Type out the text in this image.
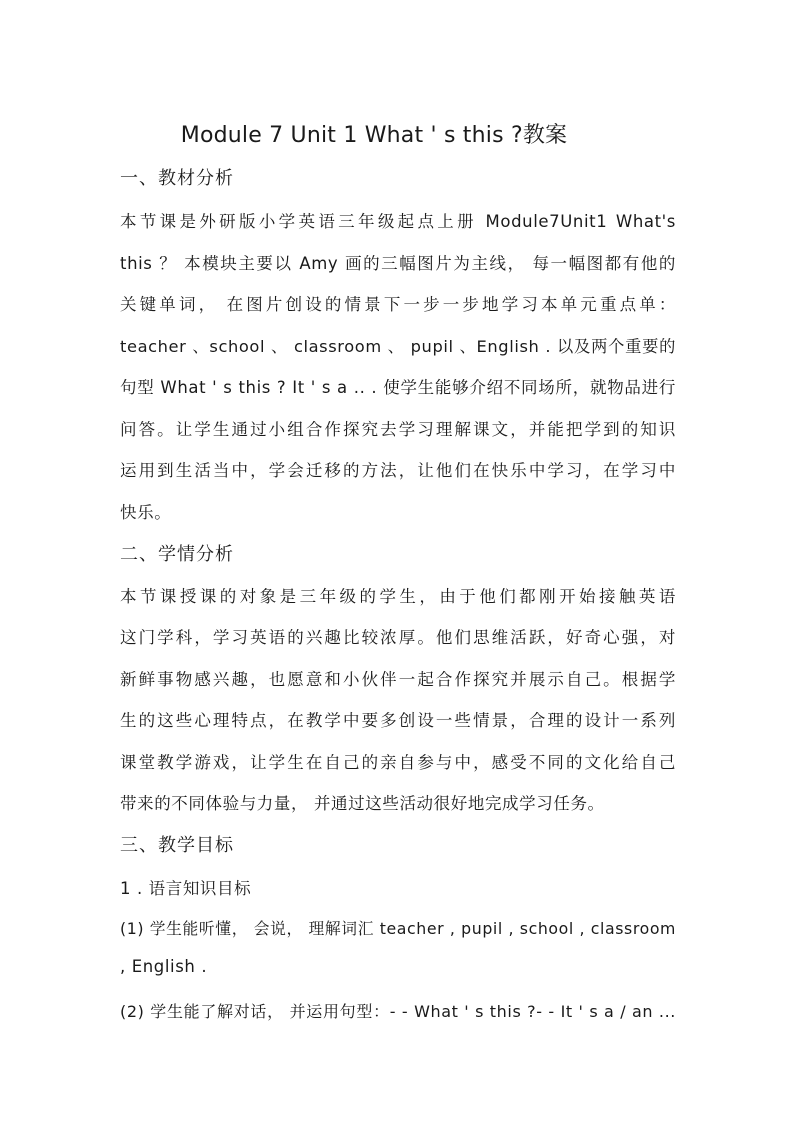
Module 7 Unit 1 What ' s this ?教案
一、教材分析
本节课是外研版小学英语三年级起点上册 Module7Unit1 What's
this ？ 本模块主要以 Amy 画的三幅图片为主线， 每一幅图都有他的
关键单词， 在图片创设的情景下一步一步地学习本单元重点单：
teacher 、school 、 classroom 、 pupil 、English . 以及两个重要的
句型 What ' s this ? It ' s a .. . 使学生能够介绍不同场所，就物品进行
问答。让学生通过小组合作探究去学习理解课文，并能把学到的知识
运用到生活当中，学会迁移的方法，让他们在快乐中学习，在学习中
快乐。
二、学情分析
本节课授课的对象是三年级的学生，由于他们都刚开始接触英语
这门学科，学习英语的兴趣比较浓厚。他们思维活跃，好奇心强，对
新鲜事物感兴趣，也愿意和小伙伴一起合作探究并展示自己。根据学
生的这些心理特点，在教学中要多创设一些情景，合理的设计一系列
课堂教学游戏，让学生在自己的亲自参与中，感受不同的文化给自己
带来的不同体验与力量， 并通过这些活动很好地完成学习任务。
三、教学目标
1 . 语言知识目标
(1) 学生能听懂， 会说， 理解词汇 teacher , pupil , school , classroom
, English .
(2) 学生能了解对话， 并运用句型：- - What ' s this ?- - It ' s a / an ...
